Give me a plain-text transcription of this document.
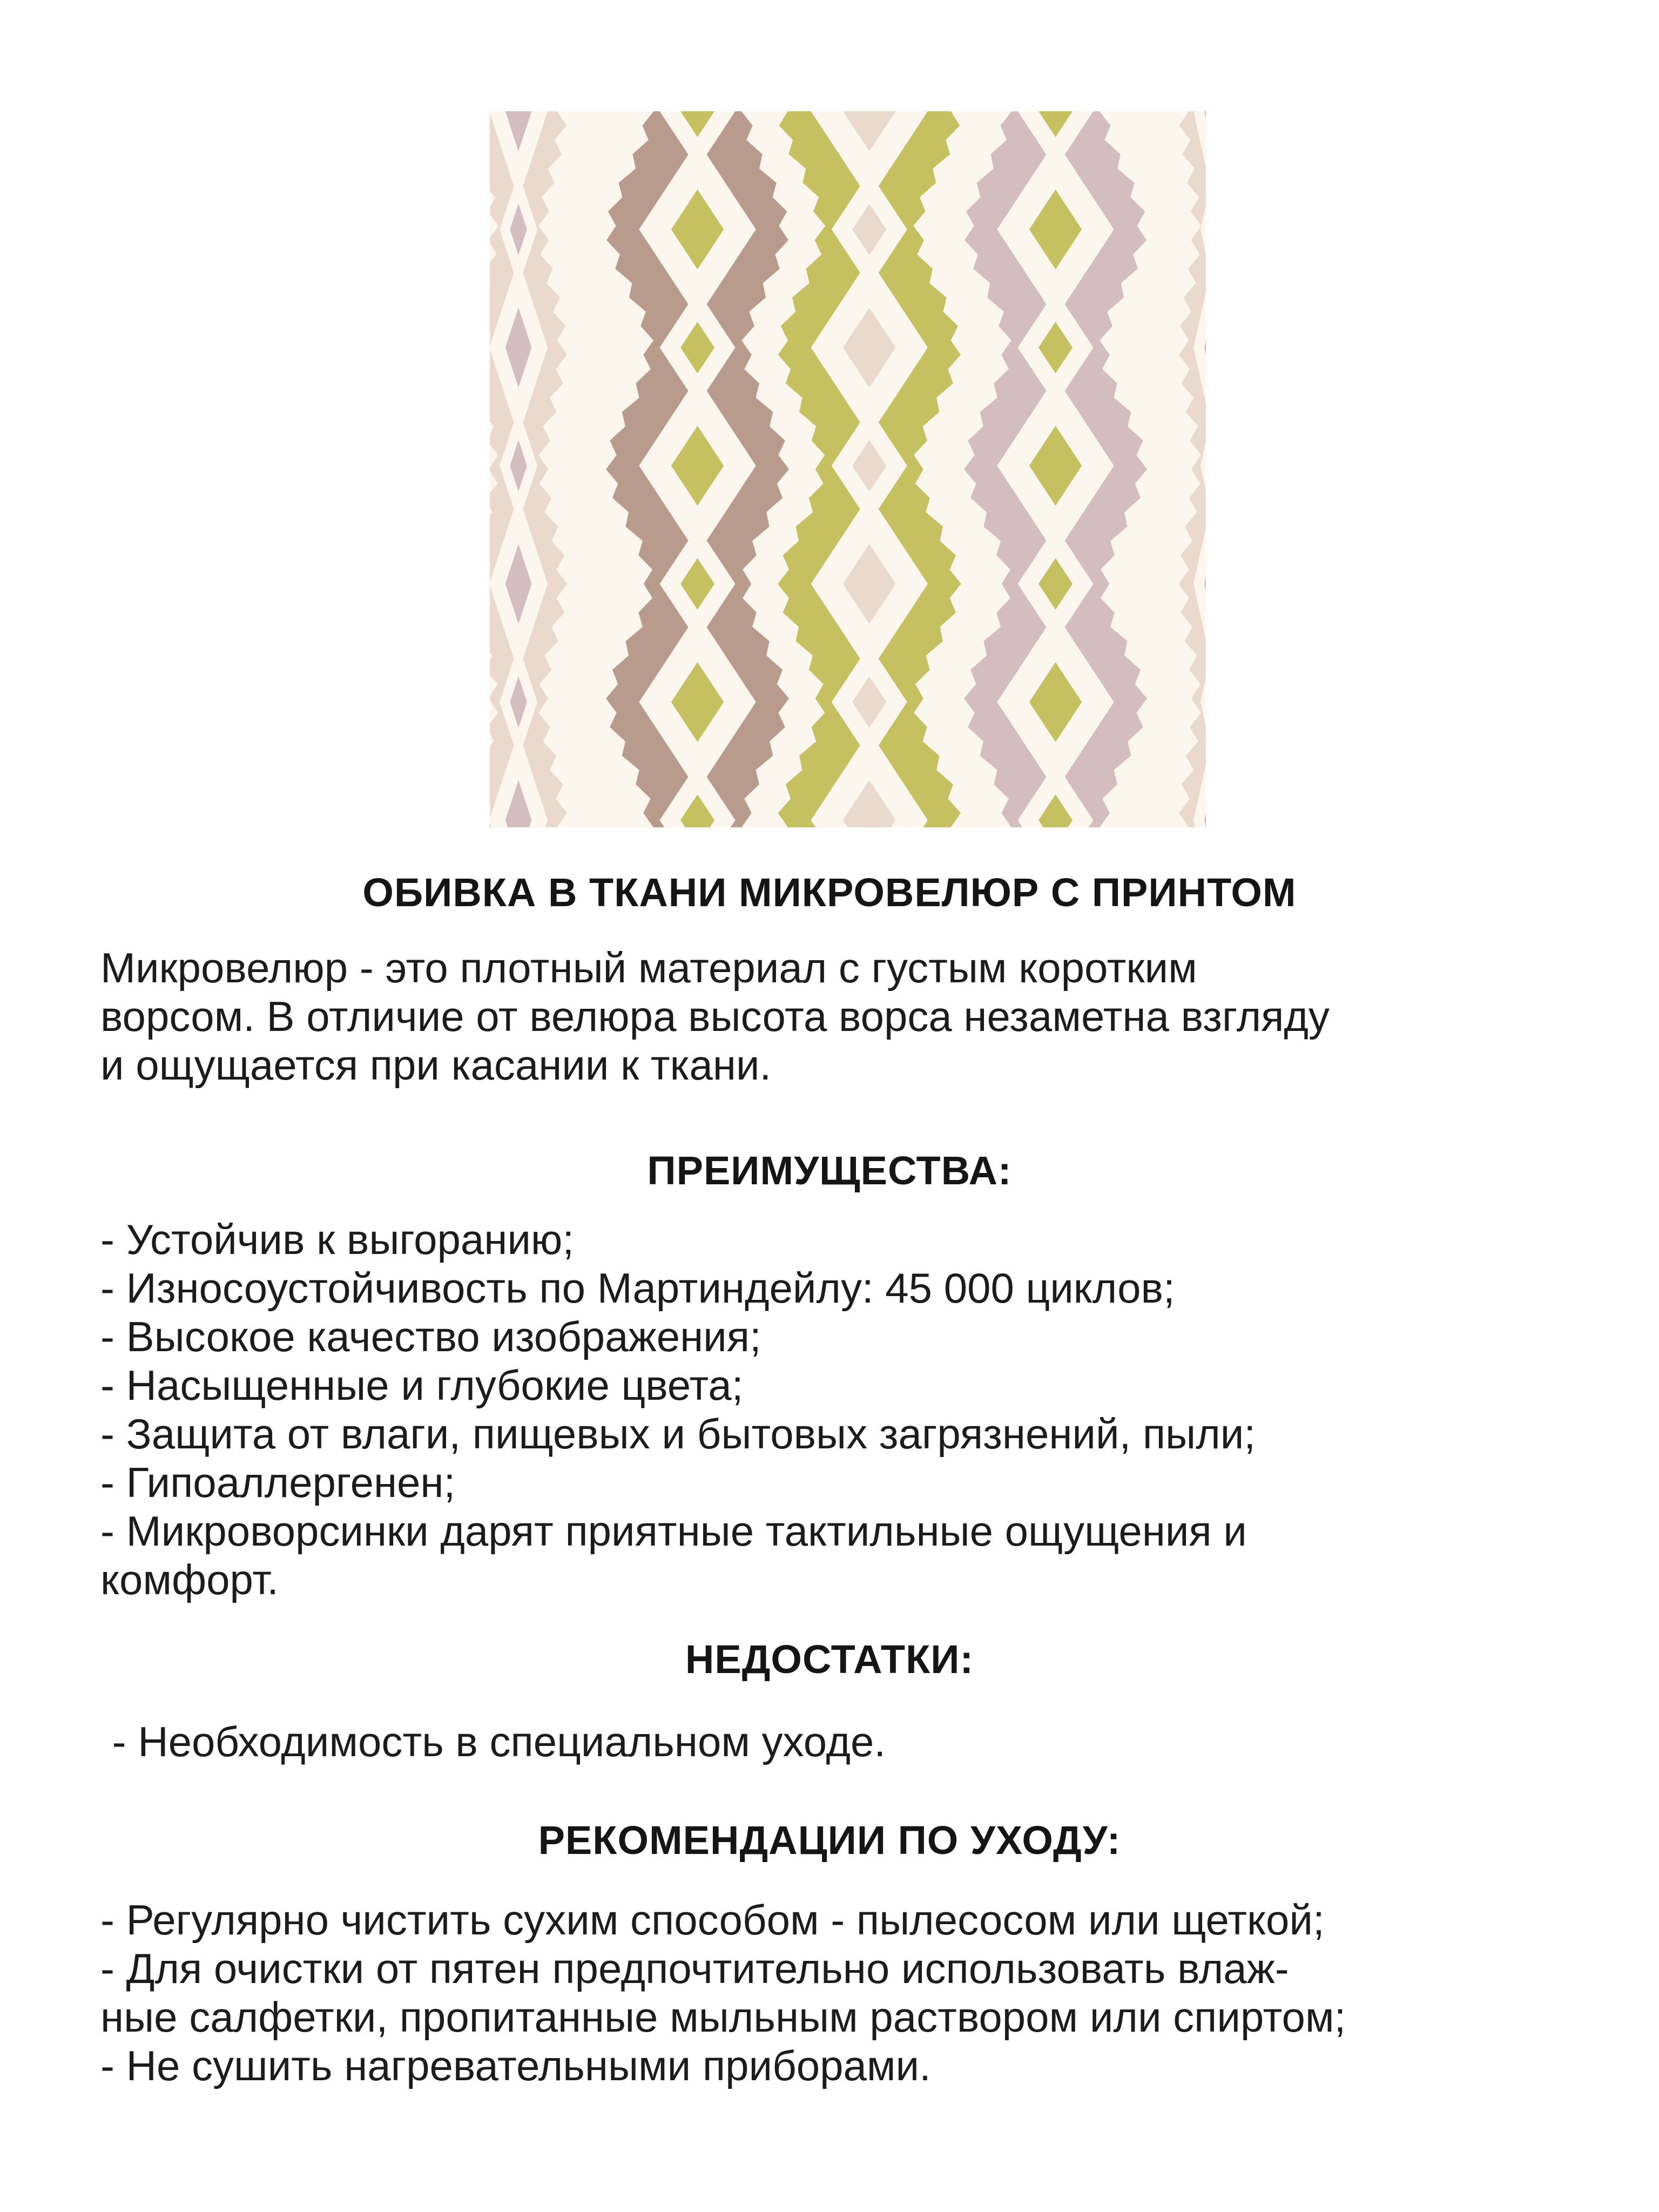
ОБИВКА В ТКАНИ МИКРОВЕЛЮР С ПРИНТОМ
Микровелюр - это плотный материал с густым коротким
ворсом. В отличие от велюра высота ворса незаметна взгляду
и ощущается при касании к ткани.
ПРЕИМУЩЕСТВА:
- Устойчив к выгоранию;
- Износоустойчивость по Мартиндейлу: 45 000 циклов;
- Высокое качество изображения;
- Насыщенные и глубокие цвета;
- Защита от влаги, пищевых и бытовых загрязнений, пыли;
- Гипоаллергенен;
- Микроворсинки дарят приятные тактильные ощущения и
комфорт.
НЕДОСТАТКИ:
- Необходимость в специальном уходе.
РЕКОМЕНДАЦИИ ПО УХОДУ:
- Регулярно чистить сухим способом - пылесосом или щеткой;
- Для очистки от пятен предпочтительно использовать влаж-
ные салфетки, пропитанные мыльным раствором или спиртом;
- Не сушить нагревательными приборами.
